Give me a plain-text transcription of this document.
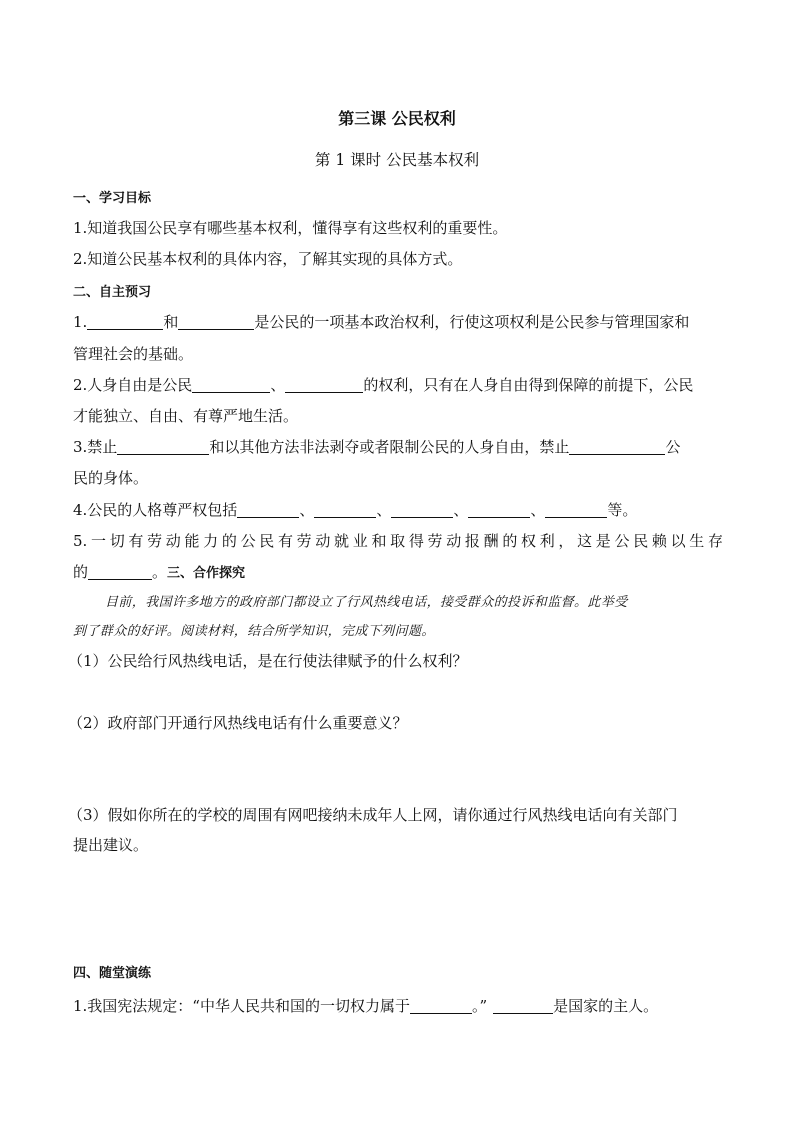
第三课 公民权利
第 1 课时 公民基本权利
一、学习目标
1.知道我国公民享有哪些基本权利，懂得享有这些权利的重要性。
2.知道公民基本权利的具体内容，了解其实现的具体方式。
二、自主预习
1.	和	是公民的一项基本政治权利，行使这项权利是公民参与管理国家和
管理社会的基础。
2.人身自由是公民	、	的权利，只有在人身自由得到保障的前提下，公民
才能独立、自由、有尊严地生活。
3.禁止	和以其他方法非法剥夺或者限制公民的人身自由，禁止	公
民的身体。
4.公民的人格尊严权包括	、	、	、	、	等。
5.一切有劳动能力的公民有劳动就业和取得劳动报酬的权利，这是公民赖以生存
的	。三、合作探究
目前，我国许多地方的政府部门都设立了行风热线电话，接受群众的投诉和监督。此举受
到了群众的好评。阅读材料，结合所学知识，完成下列问题。
（1）公民给行风热线电话，是在行使法律赋予的什么权利？
（2）政府部门开通行风热线电话有什么重要意义？
（3）假如你所在的学校的周围有网吧接纳未成年人上网，请你通过行风热线电话向有关部门
提出建议。
四、随堂演练
1.我国宪法规定：“中华人民共和国的一切权力属于	。”	是国家的主人。
